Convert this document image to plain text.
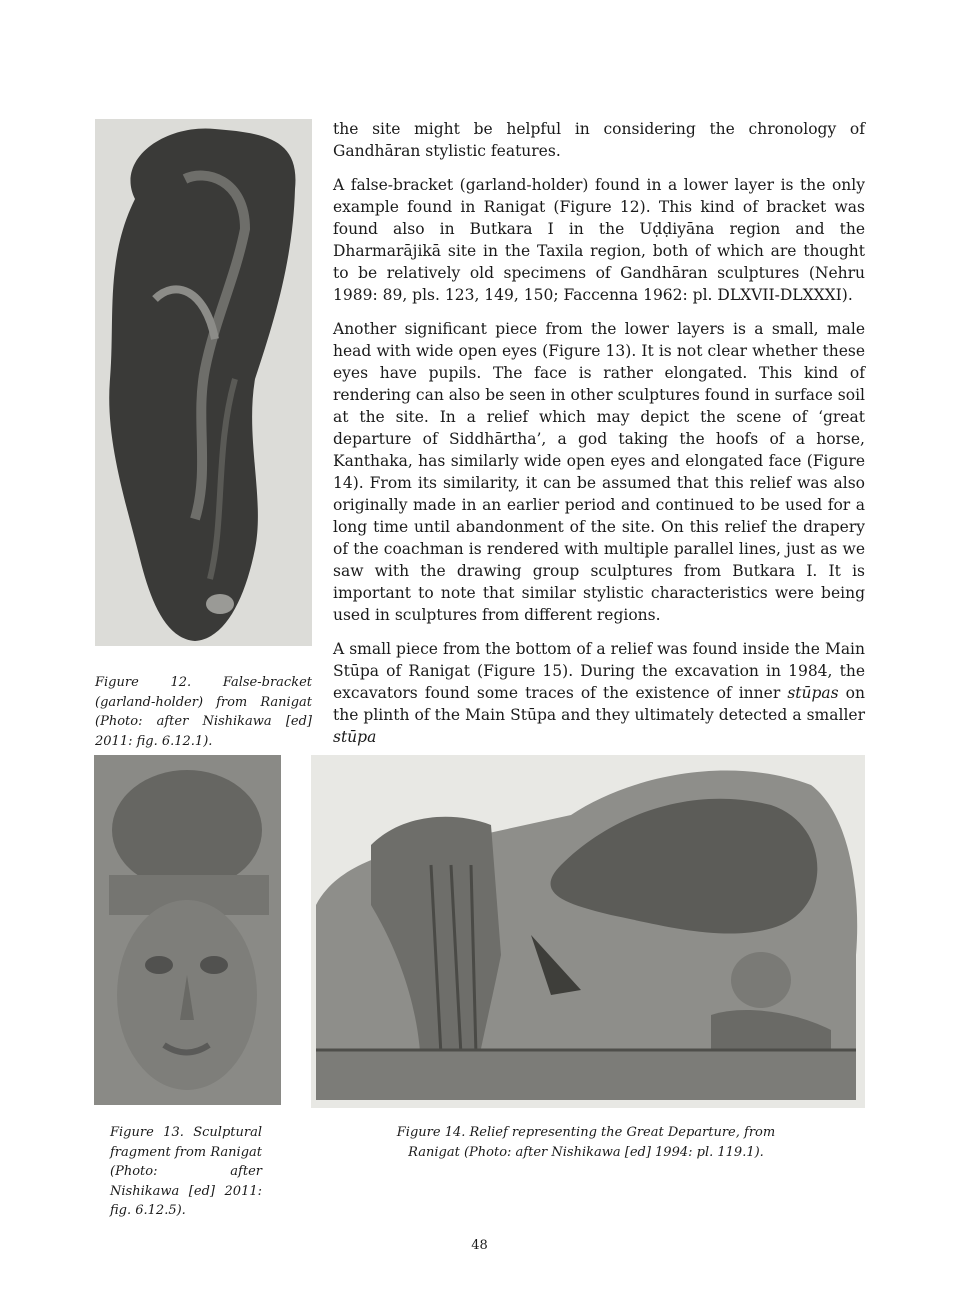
Figure 12. False-bracket (garland-holder) from Ranigat (Photo: after Nishikawa [ed] 2011: fig. 6.12.1).

the site might be helpful in considering the chronology of Gandhāran stylistic features.

A false-bracket (garland-holder) found in a lower layer is the only example found in Ranigat (Figure 12). This kind of bracket was found also in Butkara I in the Uḍḍiyāna region and the Dharmarājikā site in the Taxila region, both of which are thought to be relatively old specimens of Gandhāran sculptures (Nehru 1989: 89, pls. 123, 149, 150; Faccenna 1962: pl. DLXVII-DLXXXI).

Another significant piece from the lower layers is a small, male head with wide open eyes (Figure 13). It is not clear whether these eyes have pupils. The face is rather elongated. This kind of rendering can also be seen in other sculptures found in surface soil at the site. In a relief which may depict the scene of ‘great departure of Siddhārtha’, a god taking the hoofs of a horse, Kanthaka, has similarly wide open eyes and elongated face (Figure 14). From its similarity, it can be assumed that this relief was also originally made in an earlier period and continued to be used for a long time until abandonment of the site. On this relief the drapery of the coachman is rendered with multiple parallel lines, just as we saw with the drawing group sculptures from Butkara I. It is important to note that similar stylistic characteristics were being used in sculptures from different regions.

A small piece from the bottom of a relief was found inside the Main Stūpa of Ranigat (Figure 15). During the excavation in 1984, the excavators found some traces of the existence of inner stūpas on the plinth of the Main Stūpa and they ultimately detected a smaller stūpa

Figure 13. Sculptural fragment from Ranigat (Photo: after Nishikawa [ed] 2011: fig. 6.12.5).
Figure 14. Relief representing the Great Departure, from Ranigat (Photo: after Nishikawa [ed] 1994: pl. 119.1).
48
